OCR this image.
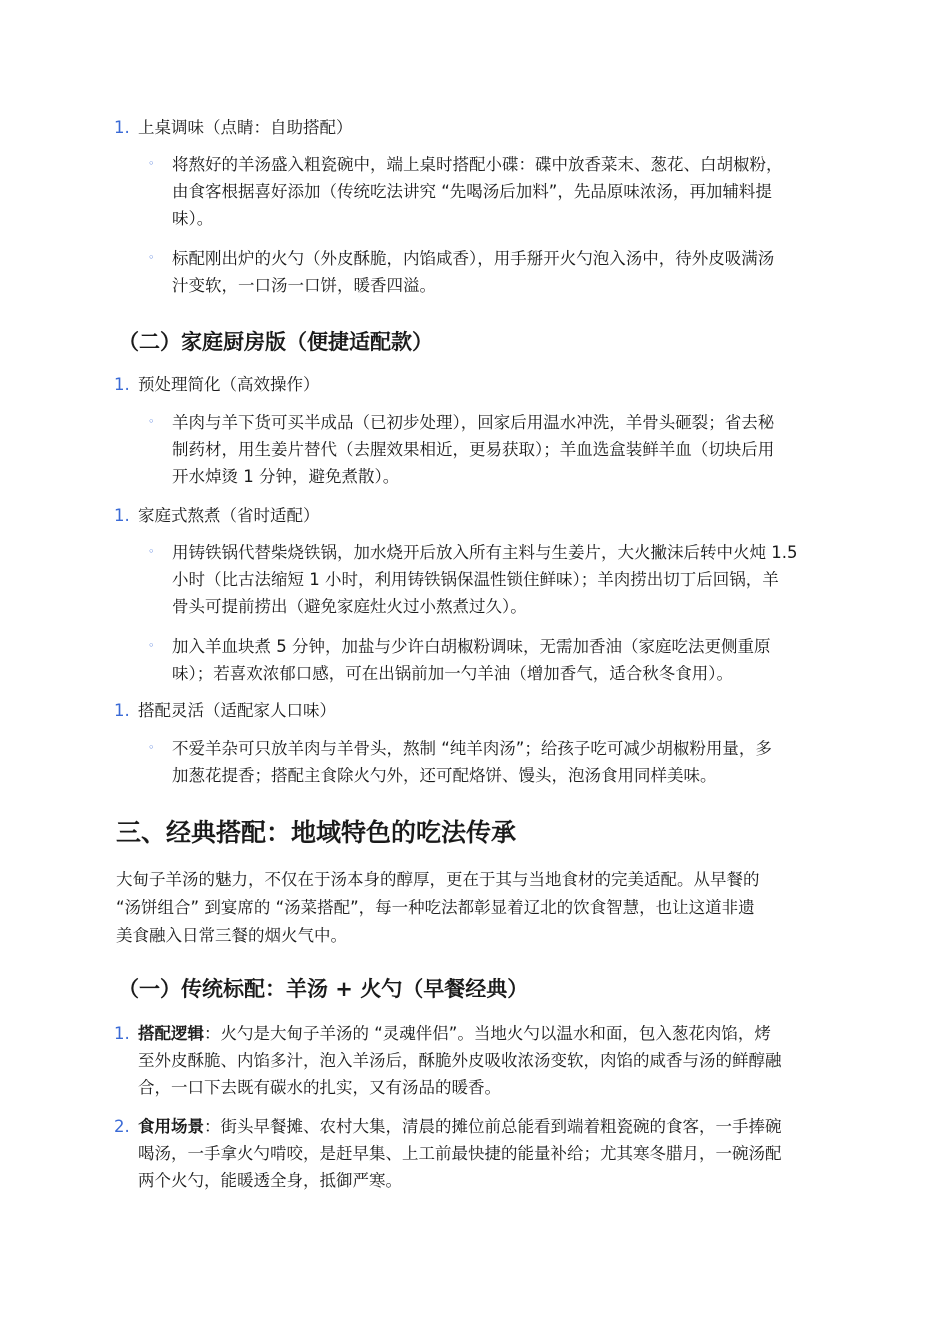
1. 上桌调味（点睛：自助搭配）
◦ 将熬好的羊汤盛入粗瓷碗中，端上桌时搭配小碟：碟中放香菜末、葱花、白胡椒粉，

由食客根据喜好添加（传统吃法讲究 “先喝汤后加料”，先品原味浓汤，再加辅料提

味）。

◦ 标配刚出炉的火勺（外皮酥脆，内馅咸香），用手掰开火勺泡入汤中，待外皮吸满汤

汁变软，一口汤一口饼，暖香四溢。

（二）家庭厨房版（便捷适配款）
1. 预处理简化（高效操作）
◦ 羊肉与羊下货可买半成品（已初步处理），回家后用温水冲洗，羊骨头砸裂；省去秘

制药材，用生姜片替代（去腥效果相近，更易获取）；羊血选盒装鲜羊血（切块后用

开水焯烫 1 分钟，避免煮散）。

1. 家庭式熬煮（省时适配）
◦ 用铸铁锅代替柴烧铁锅，加水烧开后放入所有主料与生姜片，大火撇沫后转中火炖 1.5

小时（比古法缩短 1 小时，利用铸铁锅保温性锁住鲜味）；羊肉捞出切丁后回锅，羊

骨头可提前捞出（避免家庭灶火过小熬煮过久）。

◦ 加入羊血块煮 5 分钟，加盐与少许白胡椒粉调味，无需加香油（家庭吃法更侧重原

味）；若喜欢浓郁口感，可在出锅前加一勺羊油（增加香气，适合秋冬食用）。

1. 搭配灵活（适配家人口味）
◦ 不爱羊杂可只放羊肉与羊骨头，熬制 “纯羊肉汤”；给孩子吃可减少胡椒粉用量，多

加葱花提香；搭配主食除火勺外，还可配烙饼、馒头，泡汤食用同样美味。

三、经典搭配：地域特色的吃法传承

大甸子羊汤的魅力，不仅在于汤本身的醇厚，更在于其与当地食材的完美适配。从早餐的

“汤饼组合” 到宴席的 “汤菜搭配”，每一种吃法都彰显着辽北的饮食智慧，也让这道非遗

美食融入日常三餐的烟火气中。

（一）传统标配：羊汤 + 火勺（早餐经典）
1. 搭配逻辑：火勺是大甸子羊汤的 “灵魂伴侣”。当地火勺以温水和面，包入葱花肉馅，烤

至外皮酥脆、内馅多汁，泡入羊汤后，酥脆外皮吸收浓汤变软，肉馅的咸香与汤的鲜醇融

合，一口下去既有碳水的扎实，又有汤品的暖香。

2. 食用场景：街头早餐摊、农村大集，清晨的摊位前总能看到端着粗瓷碗的食客，一手捧碗

喝汤，一手拿火勺啃咬，是赶早集、上工前最快捷的能量补给；尤其寒冬腊月，一碗汤配

两个火勺，能暖透全身，抵御严寒。
